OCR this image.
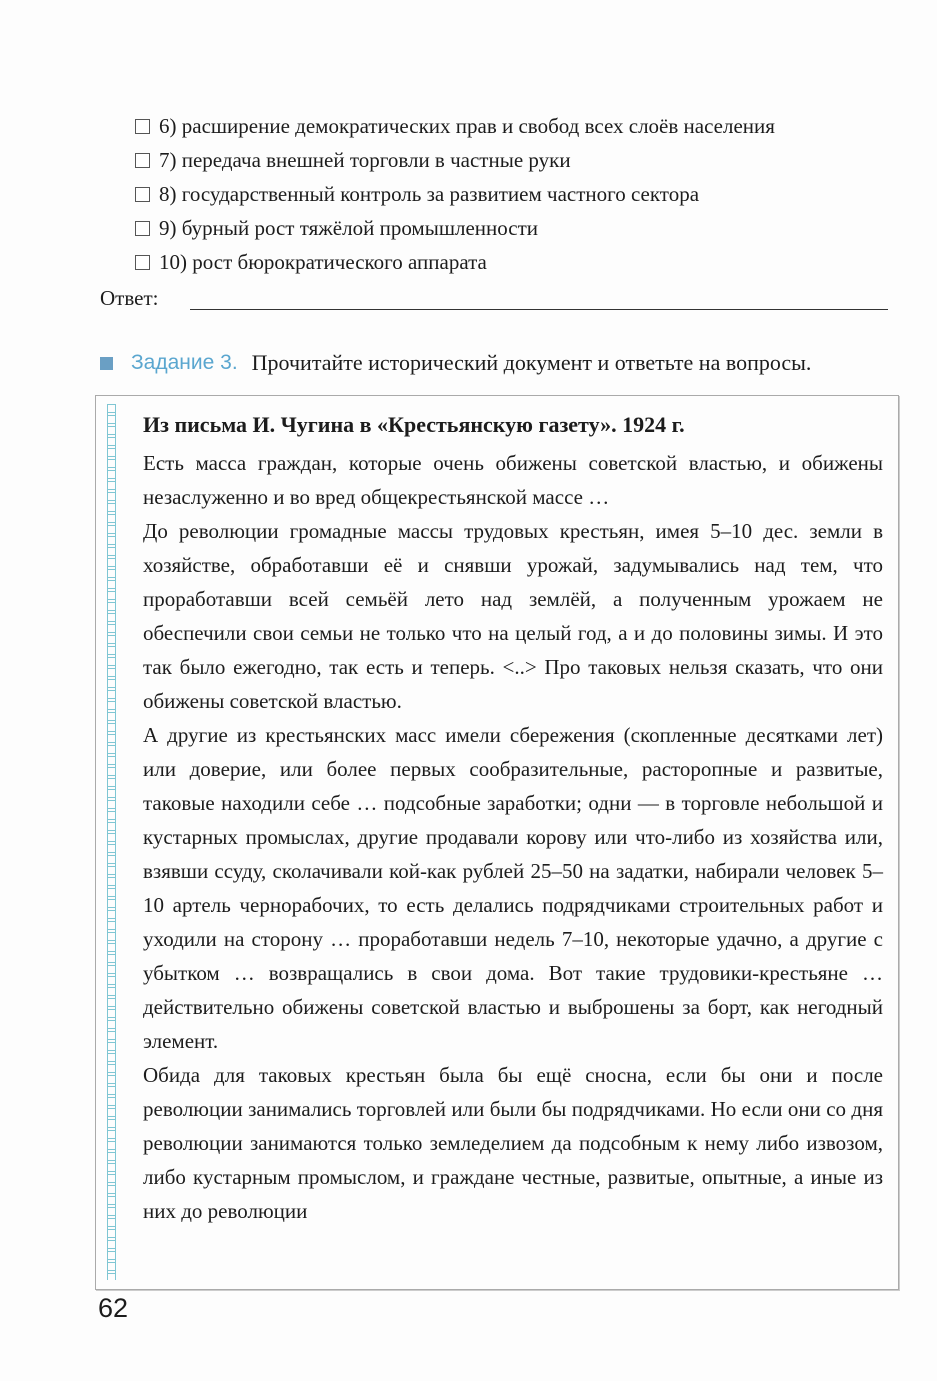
6) расширение демократических прав и свобод всех слоёв населения
7) передача внешней торговли в частные руки
8) государственный контроль за развитием частного сектора
9) бурный рост тяжёлой промышленности
10) рост бюрократического аппарата
Ответ:
Задание 3. Прочитайте исторический документ и ответьте на вопросы.
Из письма И. Чугина в «Крестьянскую газету». 1924 г.

Есть масса граждан, которые очень обижены советской властью, и обижены незаслуженно и во вред общекрестьянской массе …

До революции громадные массы трудовых крестьян, имея 5–10 дес. земли в хозяйстве, обработавши её и снявши урожай, задумывались над тем, что проработавши всей семьёй лето над землёй, а полученным урожаем не обеспечили свои семьи не только что на целый год, а и до половины зимы. И это так было ежегодно, так есть и теперь. <..> Про таковых нельзя сказать, что они обижены советской властью.

А другие из крестьянских масс имели сбережения (скопленные десятками лет) или доверие, или более первых сообразительные, расторопные и развитые, таковые находили себе … подсобные заработки; одни — в торговле небольшой и кустарных промыслах, другие продавали корову или что-либо из хозяйства или, взявши ссуду, сколачивали кой-как рублей 25–50 на задатки, набирали человек 5–10 артель чернорабочих, то есть делались подрядчиками строительных работ и уходили на сторону … проработавши недель 7–10, некоторые удачно, а другие с убытком … возвращались в свои дома. Вот такие трудовики-крестьяне … действительно обижены советской властью и выброшены за борт, как негодный элемент.

Обида для таковых крестьян была бы ещё сносна, если бы они и после революции занимались торговлей или были бы подрядчиками. Но если они со дня революции занимаются только земледелием да подсобным к нему либо извозом, либо кустарным промыслом, и граждане честные, развитые, опытные, а иные из них до революции

62
